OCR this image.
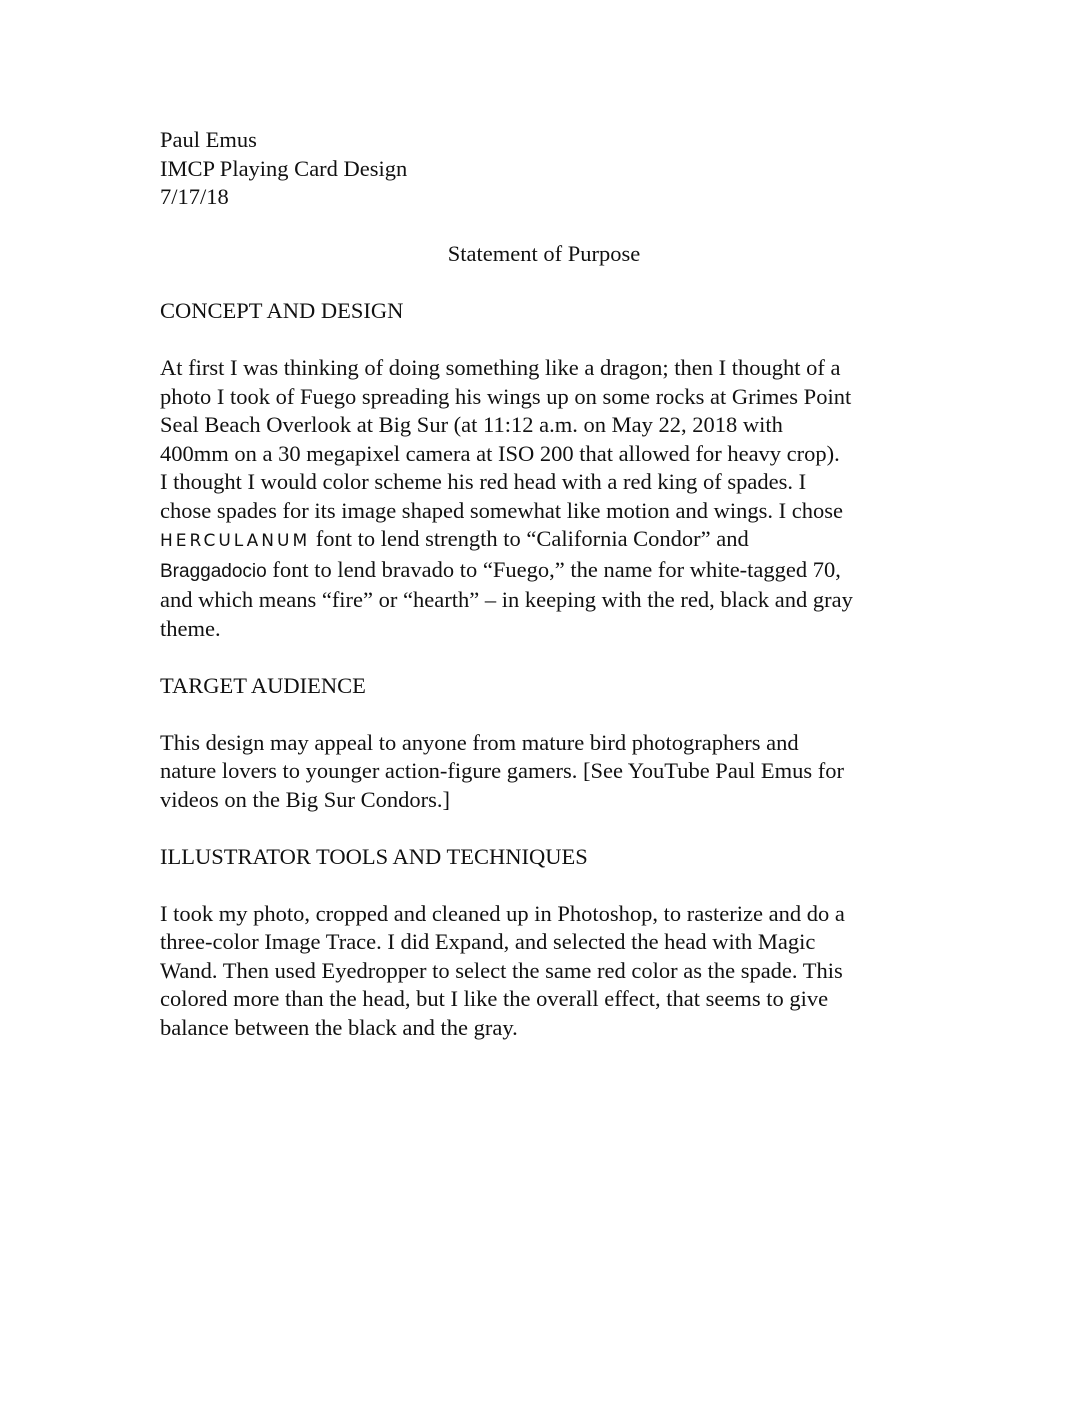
Paul Emus

IMCP Playing Card Design

7/17/18

Statement of Purpose

CONCEPT AND DESIGN

At first I was thinking of doing something like a dragon; then I thought of a

photo I took of Fuego spreading his wings up on some rocks at Grimes Point

Seal Beach Overlook at Big Sur (at 11:12 a.m. on May 22, 2018 with

400mm on a 30 megapixel camera at ISO 200 that allowed for heavy crop).

I thought I would color scheme his red head with a red king of spades. I

chose spades for its image shaped somewhat like motion and wings. I chose

HERCULANUM font to lend strength to “California Condor” and

Braggadocio font to lend bravado to “Fuego,” the name for white-tagged 70,

and which means “fire” or “hearth” – in keeping with the red, black and gray

theme.

TARGET AUDIENCE

This design may appeal to anyone from mature bird photographers and

nature lovers to younger action-figure gamers. [See YouTube Paul Emus for

videos on the Big Sur Condors.]

ILLUSTRATOR TOOLS AND TECHNIQUES

I took my photo, cropped and cleaned up in Photoshop, to rasterize and do a

three-color Image Trace. I did Expand, and selected the head with Magic

Wand. Then used Eyedropper to select the same red color as the spade. This

colored more than the head, but I like the overall effect, that seems to give

balance between the black and the gray.
